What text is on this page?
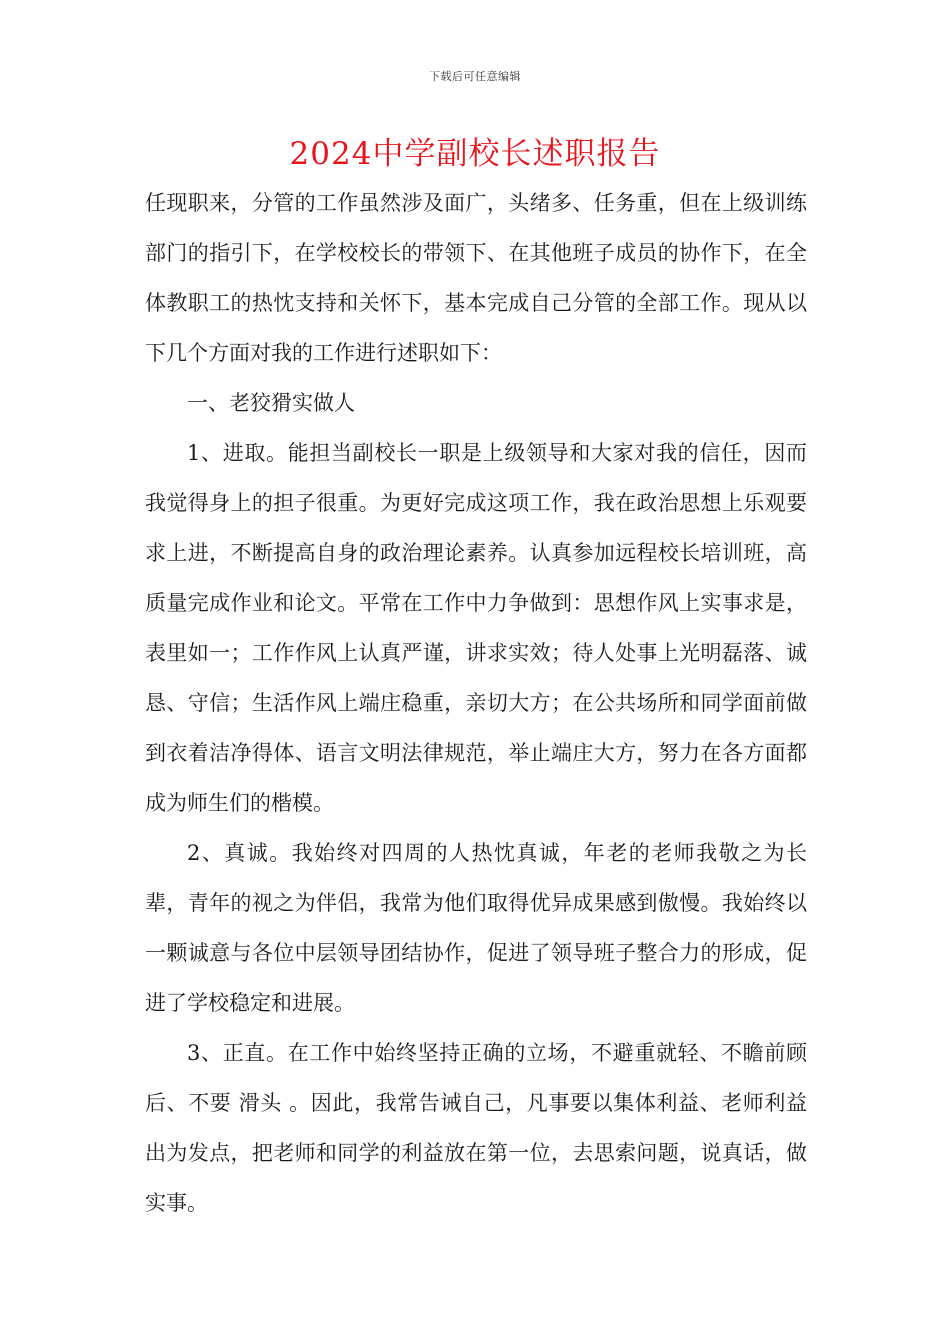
下载后可任意编辑
2024中学副校长述职报告

任现职来，分管的工作虽然涉及面广，头绪多、任务重，但在上级训练部门的指引下，在学校校长的带领下、在其他班子成员的协作下，在全体教职工的热忱支持和关怀下，基本完成自己分管的全部工作。现从以下几个方面对我的工作进行述职如下：

一、老狡猾实做人

1、进取。能担当副校长一职是上级领导和大家对我的信任，因而我觉得身上的担子很重。为更好完成这项工作，我在政治思想上乐观要求上进，不断提高自身的政治理论素养。认真参加远程校长培训班，高质量完成作业和论文。平常在工作中力争做到：思想作风上实事求是，表里如一；工作作风上认真严谨，讲求实效；待人处事上光明磊落、诚恳、守信；生活作风上端庄稳重，亲切大方；在公共场所和同学面前做到衣着洁净得体、语言文明法律规范，举止端庄大方，努力在各方面都成为师生们的楷模。

2、真诚。我始终对四周的人热忱真诚，年老的老师我敬之为长辈，青年的视之为伴侣，我常为他们取得优异成果感到傲慢。我始终以一颗诚意与各位中层领导团结协作，促进了领导班子整合力的形成，促进了学校稳定和进展。

3、正直。在工作中始终坚持正确的立场，不避重就轻、不瞻前顾后、不要 滑头 。因此，我常告诫自己，凡事要以集体利益、老师利益出为发点，把老师和同学的利益放在第一位，去思索问题，说真话，做实事。
